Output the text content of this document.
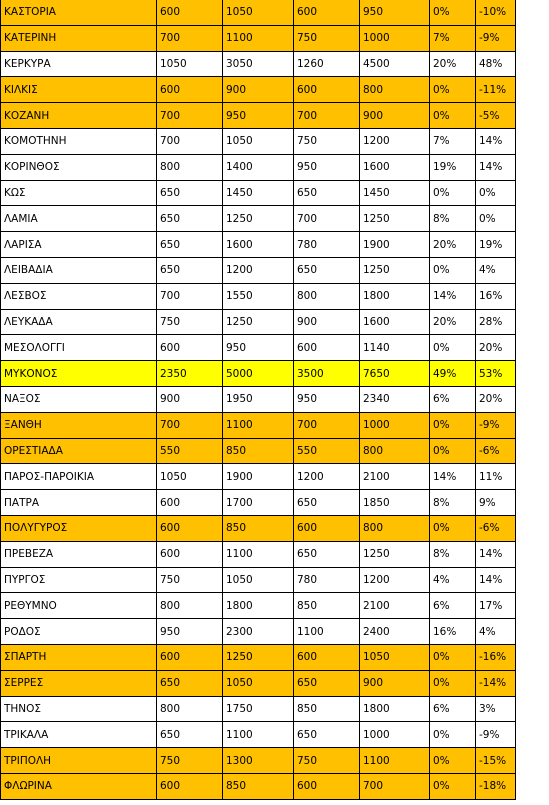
ΚΑΣΤΟΡΙΑ	600	1050	600	950	0%	-10%
ΚΑΤΕΡΙΝΗ	700	1100	750	1000	7%	-9%
ΚΕΡΚΥΡΑ	1050	3050	1260	4500	20%	48%
ΚΙΛΚΙΣ	600	900	600	800	0%	-11%
ΚΟΖΑΝΗ	700	950	700	900	0%	-5%
ΚΟΜΟΤΗΝΗ	700	1050	750	1200	7%	14%
ΚΟΡΙΝΘΟΣ	800	1400	950	1600	19%	14%
ΚΩΣ	650	1450	650	1450	0%	0%
ΛΑΜΙΑ	650	1250	700	1250	8%	0%
ΛΑΡΙΣΑ	650	1600	780	1900	20%	19%
ΛΕΙΒΑΔΙΑ	650	1200	650	1250	0%	4%
ΛΕΣΒΟΣ	700	1550	800	1800	14%	16%
ΛΕΥΚΑΔΑ	750	1250	900	1600	20%	28%
ΜΕΣΟΛΟΓΓΙ	600	950	600	1140	0%	20%
ΜΥΚΟΝΟΣ	2350	5000	3500	7650	49%	53%
ΝΑΞΟΣ	900	1950	950	2340	6%	20%
ΞΑΝΘΗ	700	1100	700	1000	0%	-9%
ΟΡΕΣΤΙΑΔΑ	550	850	550	800	0%	-6%
ΠΑΡΟΣ-ΠΑΡΟΙΚΙΑ	1050	1900	1200	2100	14%	11%
ΠΑΤΡΑ	600	1700	650	1850	8%	9%
ΠΟΛΥΓΥΡΟΣ	600	850	600	800	0%	-6%
ΠΡΕΒΕΖΑ	600	1100	650	1250	8%	14%
ΠΥΡΓΟΣ	750	1050	780	1200	4%	14%
ΡΕΘΥΜΝΟ	800	1800	850	2100	6%	17%
ΡΟΔΟΣ	950	2300	1100	2400	16%	4%
ΣΠΑΡΤΗ	600	1250	600	1050	0%	-16%
ΣΕΡΡΕΣ	650	1050	650	900	0%	-14%
ΤΗΝΟΣ	800	1750	850	1800	6%	3%
ΤΡΙΚΑΛΑ	650	1100	650	1000	0%	-9%
ΤΡΙΠΟΛΗ	750	1300	750	1100	0%	-15%
ΦΛΩΡΙΝΑ	600	850	600	700	0%	-18%
